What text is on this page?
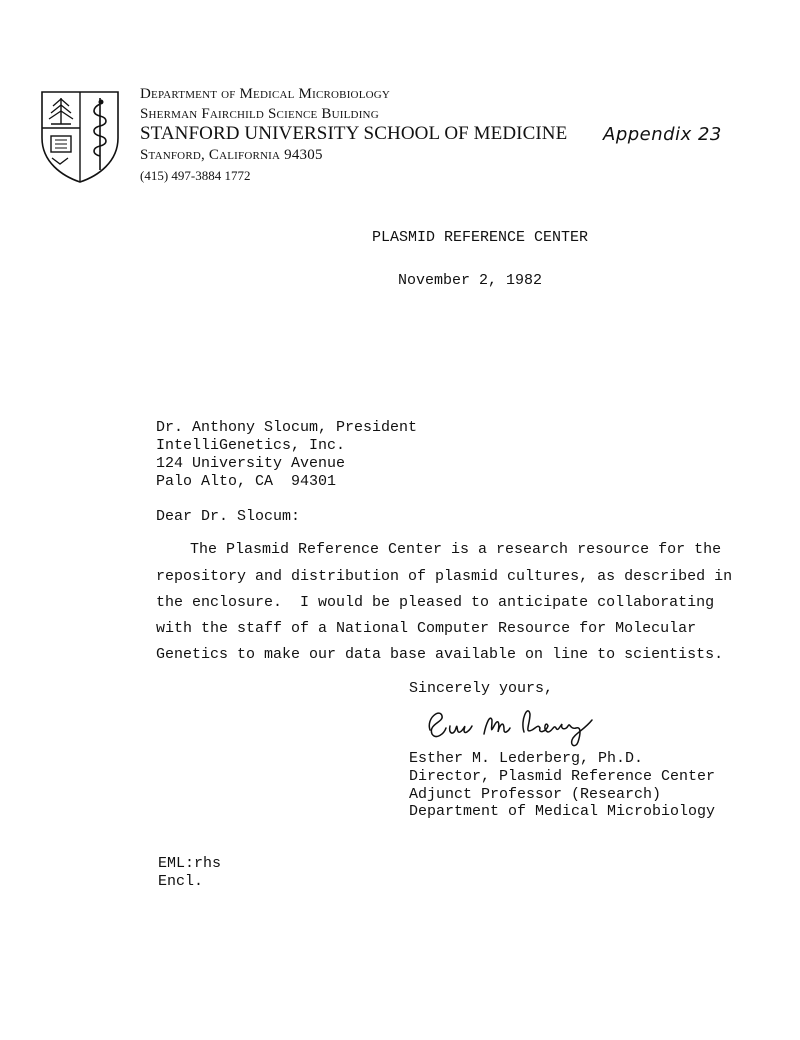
Department of Medical Microbiology
Sherman Fairchild Science Building
STANFORD UNIVERSITY SCHOOL OF MEDICINE
Stanford, California 94305
(415) 497-3884 1772
Appendix 23
PLASMID REFERENCE CENTER
November 2, 1982
Dr. Anthony Slocum, President
IntelliGenetics, Inc.
124 University Avenue
Palo Alto, CA  94301
Dear Dr. Slocum:
The Plasmid Reference Center is a research resource for the
repository and distribution of plasmid cultures, as described in
the enclosure.  I would be pleased to anticipate collaborating
with the staff of a National Computer Resource for Molecular
Genetics to make our data base available on line to scientists.
Sincerely yours,
Esther M. Lederberg, Ph.D.
Director, Plasmid Reference Center
Adjunct Professor (Research)
Department of Medical Microbiology
EML:rhs
Encl.
